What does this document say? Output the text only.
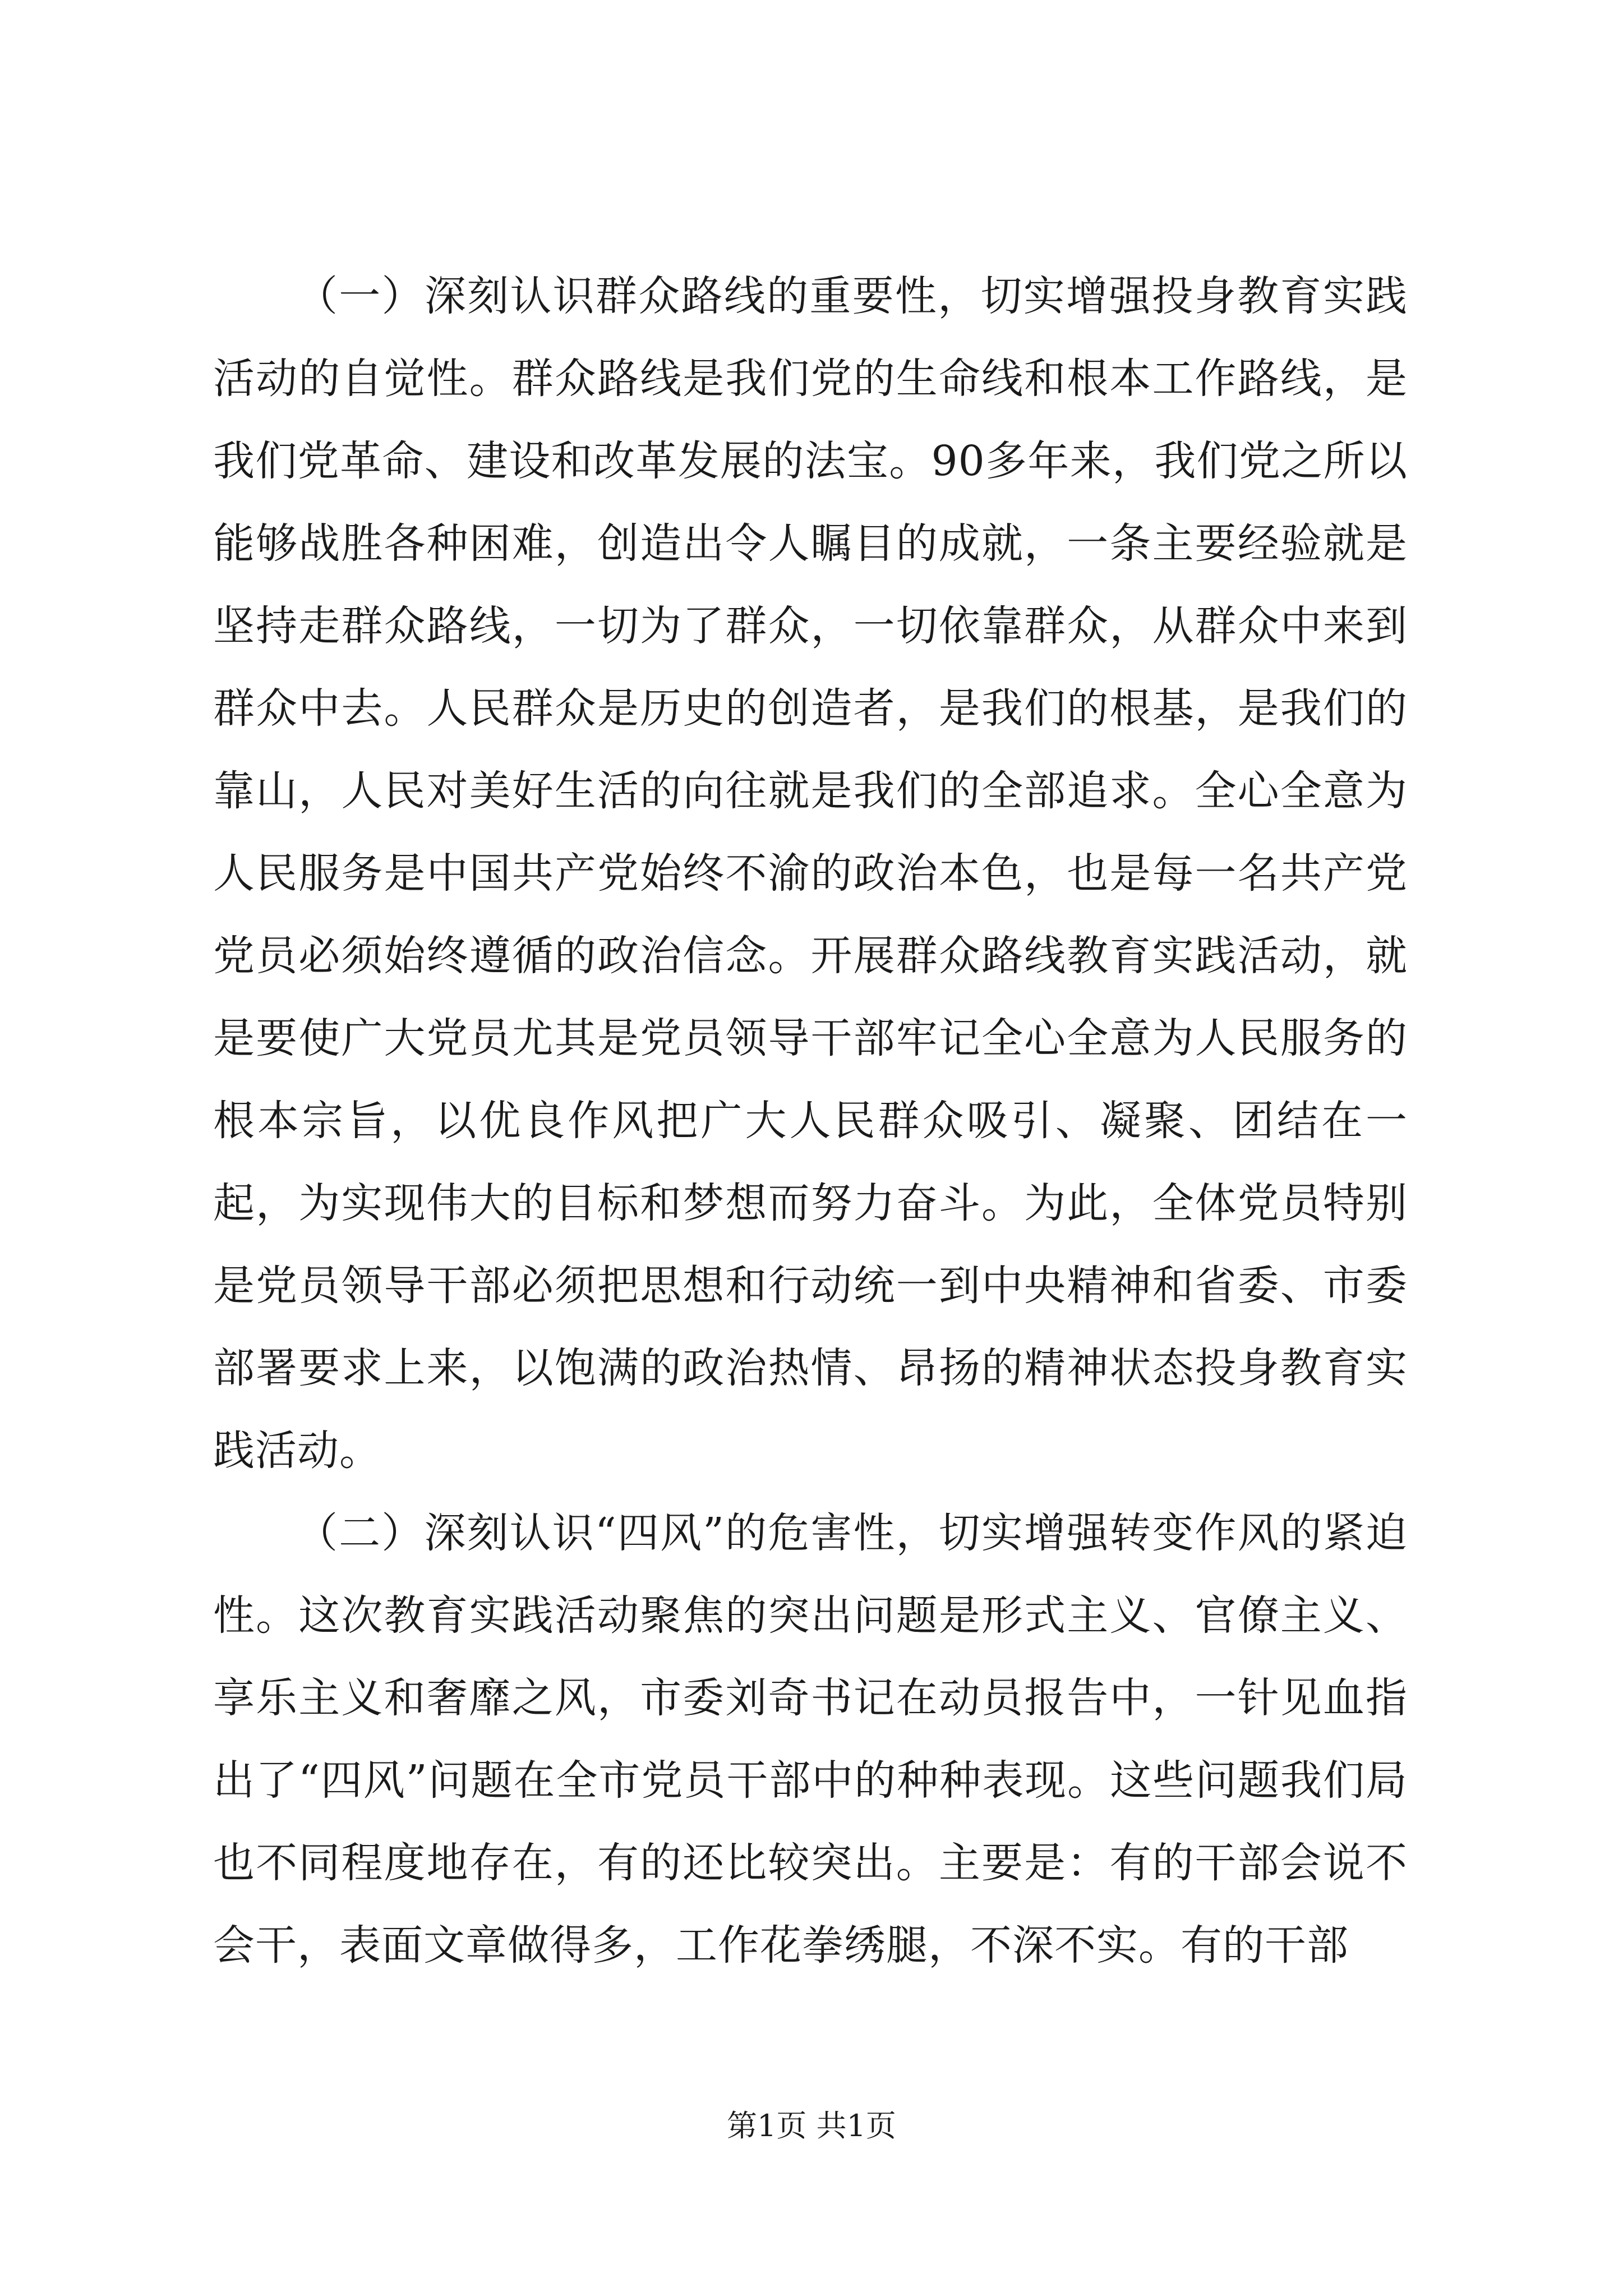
（一）深刻认识群众路线的重要性，切实增强投身教育实践活动的自觉性。群众路线是我们党的生命线和根本工作路线，是我们党革命、建设和改革发展的法宝。90多年来，我们党之所以能够战胜各种困难，创造出令人瞩目的成就，一条主要经验就是坚持走群众路线，一切为了群众，一切依靠群众，从群众中来到群众中去。人民群众是历史的创造者，是我们的根基，是我们的靠山，人民对美好生活的向往就是我们的全部追求。全心全意为人民服务是中国共产党始终不渝的政治本色，也是每一名共产党党员必须始终遵循的政治信念。开展群众路线教育实践活动，就是要使广大党员尤其是党员领导干部牢记全心全意为人民服务的根本宗旨，以优良作风把广大人民群众吸引、凝聚、团结在一起，为实现伟大的目标和梦想而努力奋斗。为此，全体党员特别是党员领导干部必须把思想和行动统一到中央精神和省委、市委部署要求上来，以饱满的政治热情、昂扬的精神状态投身教育实践活动。

（二）深刻认识“四风”的危害性，切实增强转变作风的紧迫性。这次教育实践活动聚焦的突出问题是形式主义、官僚主义、享乐主义和奢靡之风，市委刘奇书记在动员报告中，一针见血指出了“四风”问题在全市党员干部中的种种表现。这些问题我们局也不同程度地存在，有的还比较突出。主要是：有的干部会说不会干，表面文章做得多，工作花拳绣腿，不深不实。有的干部

第1页 共1页
